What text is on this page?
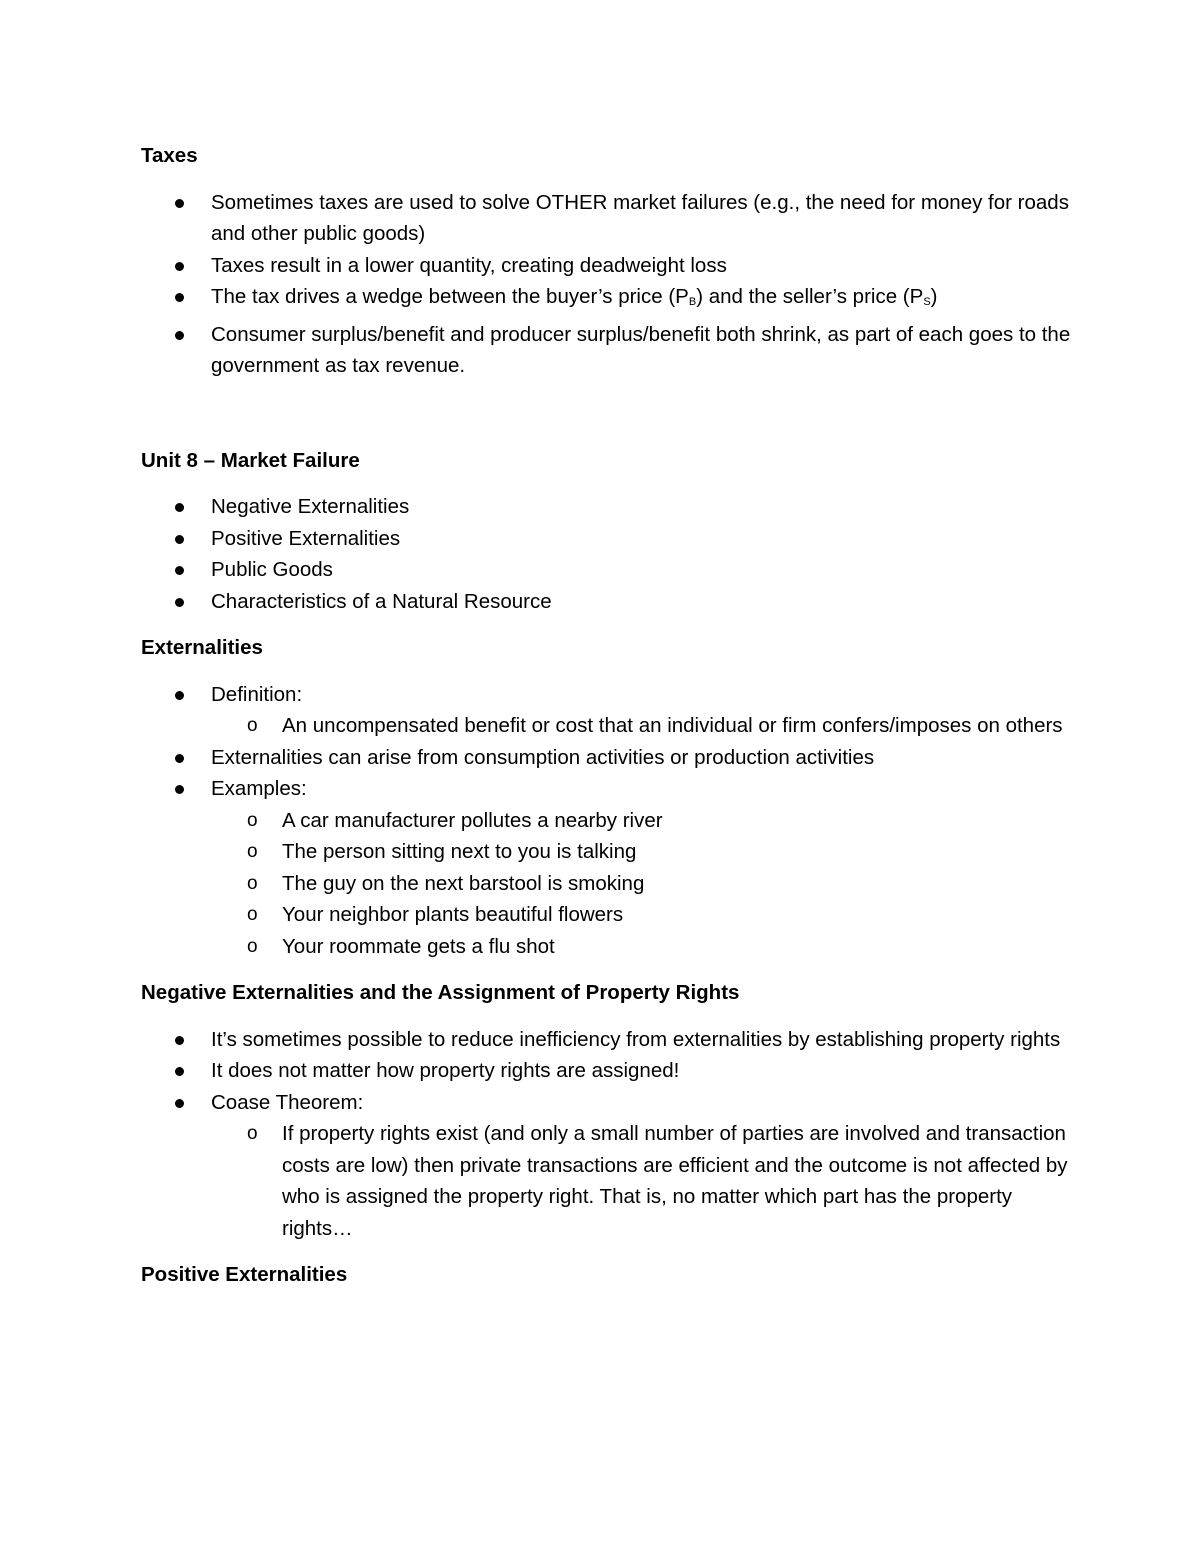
Taxes
Sometimes taxes are used to solve OTHER market failures (e.g., the need for money for roads and other public goods)
Taxes result in a lower quantity, creating deadweight loss
The tax drives a wedge between the buyer’s price $(P_B)$ and the seller’s price $(P_S)$
Consumer surplus/benefit and producer surplus/benefit both shrink, as part of each goes to the government as tax revenue.
Unit 8 – Market Failure
Negative Externalities
Positive Externalities
Public Goods
Characteristics of a Natural Resource
Externalities
Definition:
o An uncompensated benefit or cost that an individual or firm confers/imposes on others
Externalities can arise from consumption activities or production activities
Examples:
o A car manufacturer pollutes a nearby river
o The person sitting next to you is talking
o The guy on the next barstool is smoking
o Your neighbor plants beautiful flowers
o Your roommate gets a flu shot
Negative Externalities and the Assignment of Property Rights
It’s sometimes possible to reduce inefficiency from externalities by establishing property rights
It does not matter how property rights are assigned!
Coase Theorem:
o If property rights exist (and only a small number of parties are involved and transaction costs are low) then private transactions are efficient and the outcome is not affected by who is assigned the property right. That is, no matter which part has the property rights…
Positive Externalities
